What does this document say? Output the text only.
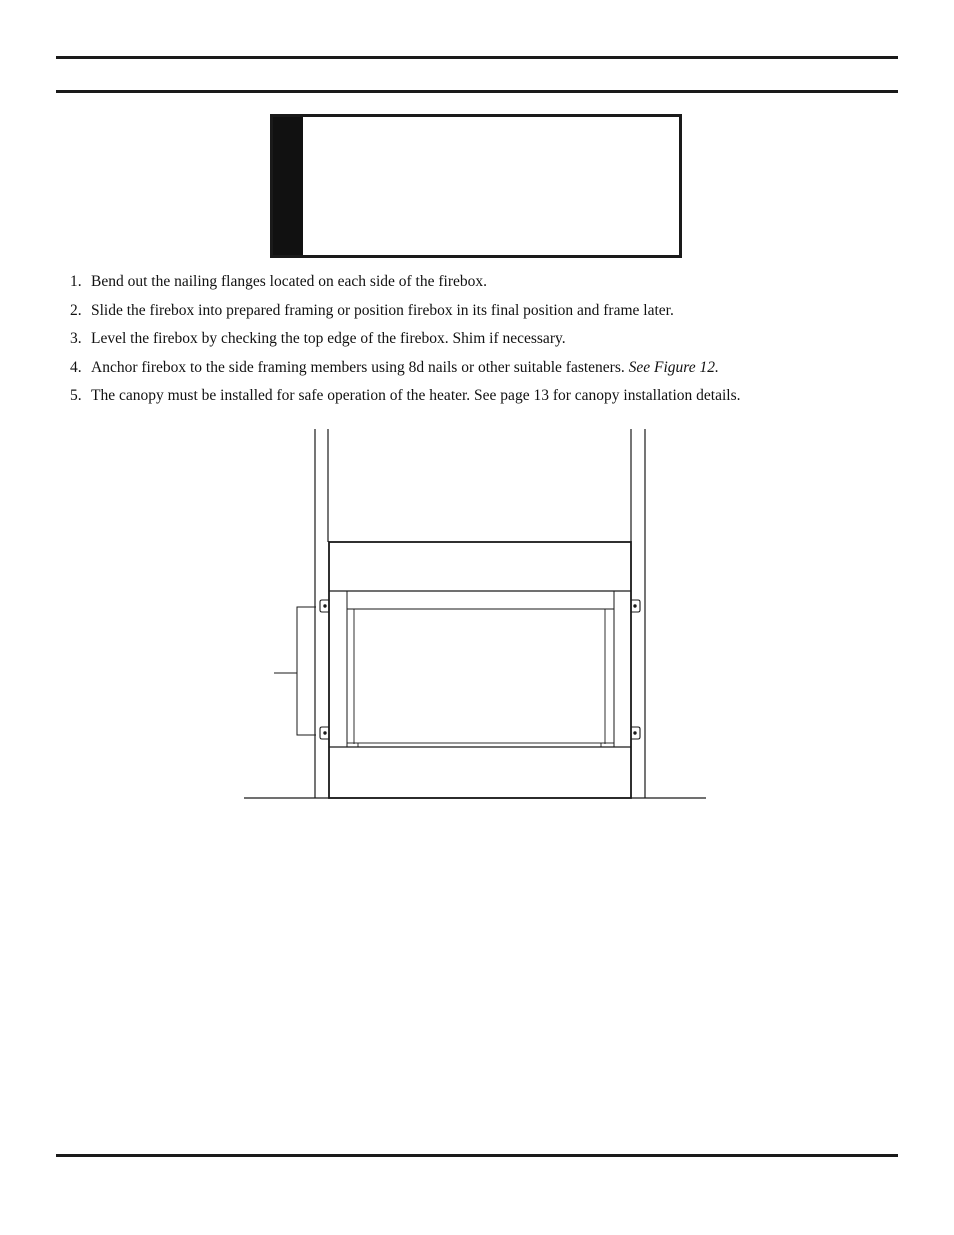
1. Bend out the nailing flanges located on each side of the firebox.
2. Slide the firebox into prepared framing or position firebox in its final position and frame later.
3. Level the firebox by checking the top edge of the firebox. Shim if necessary.
4. Anchor firebox to the side framing members using 8d nails or other suitable fasteners. See Figure 12.
5. The canopy must be installed for safe operation of the heater. See page 13 for canopy installation details.
